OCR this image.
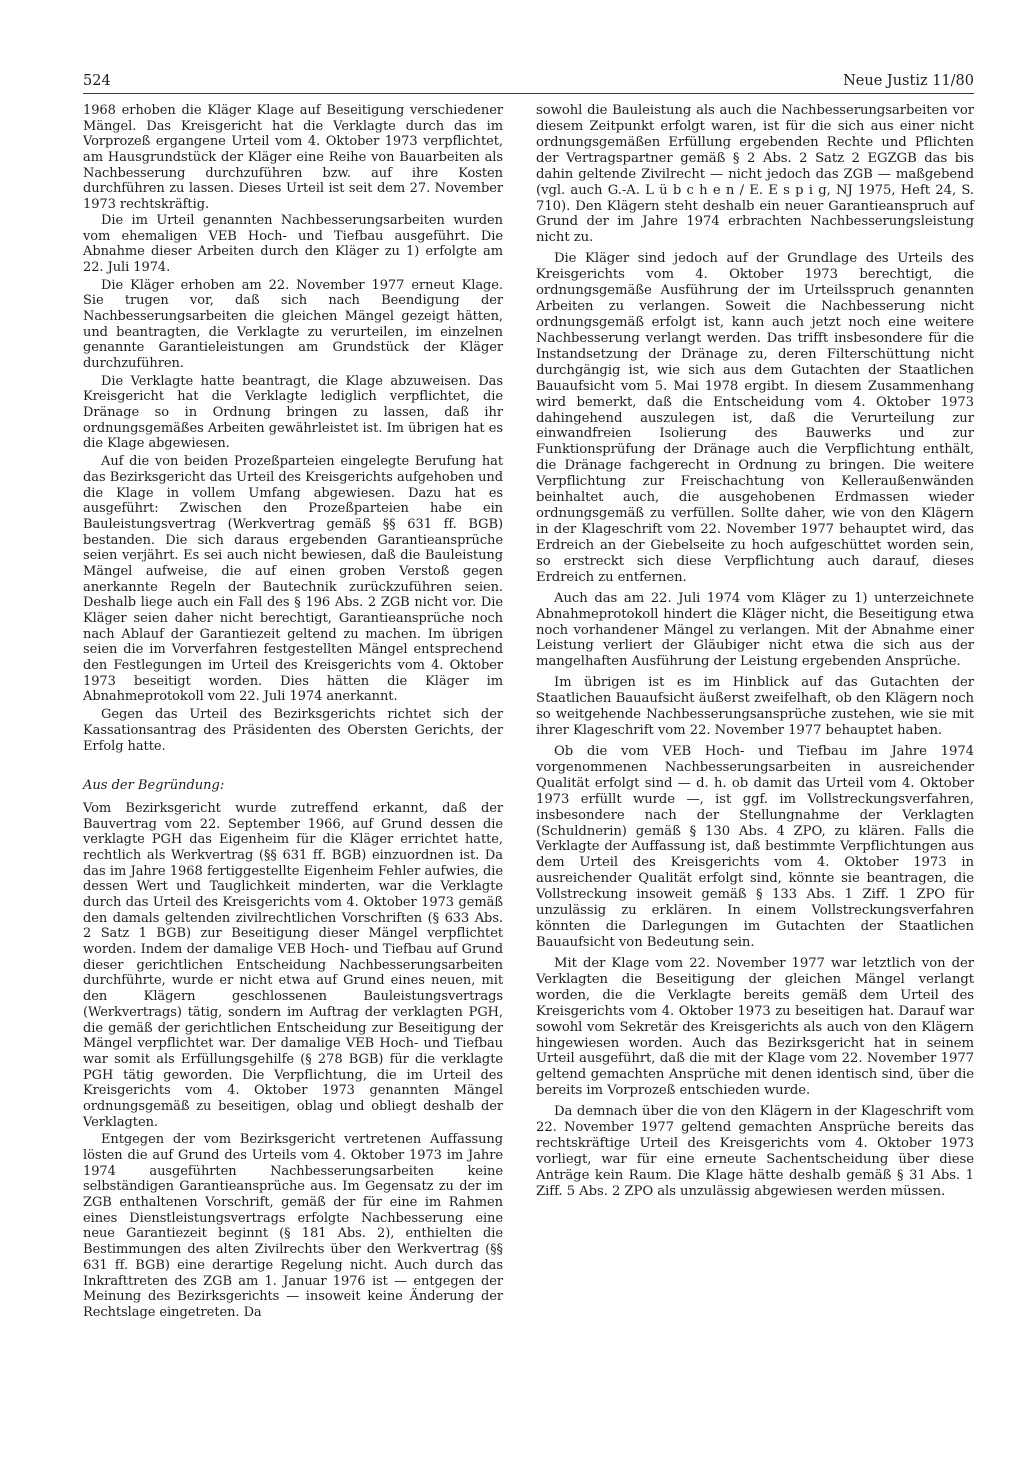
524	Neue Justiz 11/80

1968 erhoben die Kläger Klage auf Beseitigung verschiedener Mängel. Das Kreisgericht hat die Verklagte durch das im Vorprozeß ergangene Urteil vom 4. Oktober 1973 verpflichtet, am Hausgrundstück der Kläger eine Reihe von Bauarbeiten als Nachbesserung durchzuführen bzw. auf ihre Kosten durchführen zu lassen. Dieses Urteil ist seit dem 27. November 1973 rechtskräftig.

Die im Urteil genannten Nachbesserungsarbeiten wurden vom ehemaligen VEB Hoch- und Tiefbau ausgeführt. Die Abnahme dieser Arbeiten durch den Kläger zu 1) erfolgte am 22. Juli 1974.

Die Kläger erhoben am 22. November 1977 erneut Klage. Sie trugen vor, daß sich nach Beendigung der Nachbesserungsarbeiten die gleichen Mängel gezeigt hätten, und beantragten, die Verklagte zu verurteilen, im einzelnen genannte Garantieleistungen am Grundstück der Kläger durchzuführen.

Die Verklagte hatte beantragt, die Klage abzuweisen. Das Kreisgericht hat die Verklagte lediglich verpflichtet, die Dränage so in Ordnung bringen zu lassen, daß ihr ordnungsgemäßes Arbeiten gewährleistet ist. Im übrigen hat es die Klage abgewiesen.

Auf die von beiden Prozeßparteien eingelegte Berufung hat das Bezirksgericht das Urteil des Kreisgerichts aufgehoben und die Klage in vollem Umfang abgewiesen. Dazu hat es ausgeführt: Zwischen den Prozeßparteien habe ein Bauleistungsvertrag (Werkvertrag gemäß §§ 631 ff. BGB) bestanden. Die sich daraus ergebenden Garantieansprüche seien verjährt. Es sei auch nicht bewiesen, daß die Bauleistung Mängel aufweise, die auf einen groben Verstoß gegen anerkannte Regeln der Bautechnik zurückzuführen seien. Deshalb liege auch ein Fall des § 196 Abs. 2 ZGB nicht vor. Die Kläger seien daher nicht berechtigt, Garantieansprüche noch nach Ablauf der Garantiezeit geltend zu machen. Im übrigen seien die im Vorverfahren festgestellten Mängel entsprechend den Festlegungen im Urteil des Kreisgerichts vom 4. Oktober 1973 beseitigt worden. Dies hätten die Kläger im Abnahmeprotokoll vom 22. Juli 1974 anerkannt.

Gegen das Urteil des Bezirksgerichts richtet sich der Kassationsantrag des Präsidenten des Obersten Gerichts, der Erfolg hatte.

Aus der Begründung:

Vom Bezirksgericht wurde zutreffend erkannt, daß der Bauvertrag vom 22. September 1966, auf Grund dessen die verklagte PGH das Eigenheim für die Kläger errichtet hatte, rechtlich als Werkvertrag (§§ 631 ff. BGB) einzuordnen ist. Da das im Jahre 1968 fertiggestellte Eigenheim Fehler aufwies, die dessen Wert und Tauglichkeit minderten, war die Verklagte durch das Urteil des Kreisgerichts vom 4. Oktober 1973 gemäß den damals geltenden zivilrechtlichen Vorschriften (§ 633 Abs. 2 Satz 1 BGB) zur Beseitigung dieser Mängel verpflichtet worden. Indem der damalige VEB Hoch- und Tiefbau auf Grund dieser gerichtlichen Entscheidung Nachbesserungsarbeiten durchführte, wurde er nicht etwa auf Grund eines neuen, mit den Klägern geschlossenen Bauleistungsvertrags (Werkvertrags) tätig, sondern im Auftrag der verklagten PGH, die gemäß der gerichtlichen Entscheidung zur Beseitigung der Mängel verpflichtet war. Der damalige VEB Hoch- und Tiefbau war somit als Erfüllungsgehilfe (§ 278 BGB) für die verklagte PGH tätig geworden. Die Verpflichtung, die im Urteil des Kreisgerichts vom 4. Oktober 1973 genannten Mängel ordnungsgemäß zu beseitigen, oblag und obliegt deshalb der Verklagten.

Entgegen der vom Bezirksgericht vertretenen Auffassung lösten die auf Grund des Urteils vom 4. Oktober 1973 im Jahre 1974 ausgeführten Nachbesserungsarbeiten keine selbständigen Garantieansprüche aus. Im Gegensatz zu der im ZGB enthaltenen Vorschrift, gemäß der für eine im Rahmen eines Dienstleistungsvertrags erfolgte Nachbesserung eine neue Garantiezeit beginnt (§ 181 Abs. 2), enthielten die Bestimmungen des alten Zivilrechts über den Werkvertrag (§§ 631 ff. BGB) eine derartige Regelung nicht. Auch durch das Inkrafttreten des ZGB am 1. Januar 1976 ist — entgegen der Meinung des Bezirksgerichts — insoweit keine Änderung der Rechtslage eingetreten. Da

sowohl die Bauleistung als auch die Nachbesserungsarbeiten vor diesem Zeitpunkt erfolgt waren, ist für die sich aus einer nicht ordnungsgemäßen Erfüllung ergebenden Rechte und Pflichten der Vertragspartner gemäß § 2 Abs. 2 Satz 2 EGZGB das bis dahin geltende Zivilrecht — nicht jedoch das ZGB — maßgebend (vgl. auch G.-A. L ü b c h e n / E. E s p i g, NJ 1975, Heft 24, S. 710). Den Klägern steht deshalb ein neuer Garantieanspruch auf Grund der im Jahre 1974 erbrachten Nachbesserungsleistung nicht zu.

Die Kläger sind jedoch auf der Grundlage des Urteils des Kreisgerichts vom 4. Oktober 1973 berechtigt, die ordnungsgemäße Ausführung der im Urteilsspruch genannten Arbeiten zu verlangen. Soweit die Nachbesserung nicht ordnungsgemäß erfolgt ist, kann auch jetzt noch eine weitere Nachbesserung verlangt werden. Das trifft insbesondere für die Instandsetzung der Dränage zu, deren Filterschüttung nicht durchgängig ist, wie sich aus dem Gutachten der Staatlichen Bauaufsicht vom 5. Mai 1978 ergibt. In diesem Zusammenhang wird bemerkt, daß die Entscheidung vom 4. Oktober 1973 dahingehend auszulegen ist, daß die Verurteilung zur einwandfreien Isolierung des Bauwerks und zur Funktionsprüfung der Dränage auch die Verpflichtung enthält, die Dränage fachgerecht in Ordnung zu bringen. Die weitere Verpflichtung zur Freischachtung von Kelleraußenwänden beinhaltet auch, die ausgehobenen Erdmassen wieder ordnungsgemäß zu verfüllen. Sollte daher, wie von den Klägern in der Klageschrift vom 22. November 1977 behauptet wird, das Erdreich an der Giebelseite zu hoch aufgeschüttet worden sein, so erstreckt sich diese Verpflichtung auch darauf, dieses Erdreich zu entfernen.

Auch das am 22. Juli 1974 vom Kläger zu 1) unterzeichnete Abnahmeprotokoll hindert die Kläger nicht, die Beseitigung etwa noch vorhandener Mängel zu verlangen. Mit der Abnahme einer Leistung verliert der Gläubiger nicht etwa die sich aus der mangelhaften Ausführung der Leistung ergebenden Ansprüche.

Im übrigen ist es im Hinblick auf das Gutachten der Staatlichen Bauaufsicht äußerst zweifelhaft, ob den Klägern noch so weitgehende Nachbesserungsansprüche zustehen, wie sie mit ihrer Klageschrift vom 22. November 1977 behauptet haben.

Ob die vom VEB Hoch- und Tiefbau im Jahre 1974 vorgenommenen Nachbesserungsarbeiten in ausreichender Qualität erfolgt sind — d. h. ob damit das Urteil vom 4. Oktober 1973 erfüllt wurde —, ist ggf. im Vollstreckungsverfahren, insbesondere nach der Stellungnahme der Verklagten (Schuldnerin) gemäß § 130 Abs. 4 ZPO, zu klären. Falls die Verklagte der Auffassung ist, daß bestimmte Verpflichtungen aus dem Urteil des Kreisgerichts vom 4. Oktober 1973 in ausreichender Qualität erfolgt sind, könnte sie beantragen, die Vollstreckung insoweit gemäß § 133 Abs. 1 Ziff. 1 ZPO für unzulässig zu erklären. In einem Vollstreckungsverfahren könnten die Darlegungen im Gutachten der Staatlichen Bauaufsicht von Bedeutung sein.

Mit der Klage vom 22. November 1977 war letztlich von der Verklagten die Beseitigung der gleichen Mängel verlangt worden, die die Verklagte bereits gemäß dem Urteil des Kreisgerichts vom 4. Oktober 1973 zu beseitigen hat. Darauf war sowohl vom Sekretär des Kreisgerichts als auch von den Klägern hingewiesen worden. Auch das Bezirksgericht hat in seinem Urteil ausgeführt, daß die mit der Klage vom 22. November 1977 geltend gemachten Ansprüche mit denen identisch sind, über die bereits im Vorprozeß entschieden wurde.

Da demnach über die von den Klägern in der Klageschrift vom 22. November 1977 geltend gemachten Ansprüche bereits das rechtskräftige Urteil des Kreisgerichts vom 4. Oktober 1973 vorliegt, war für eine erneute Sachentscheidung über diese Anträge kein Raum. Die Klage hätte deshalb gemäß § 31 Abs. 1 Ziff. 5 Abs. 2 ZPO als unzulässig abgewiesen werden müssen.
